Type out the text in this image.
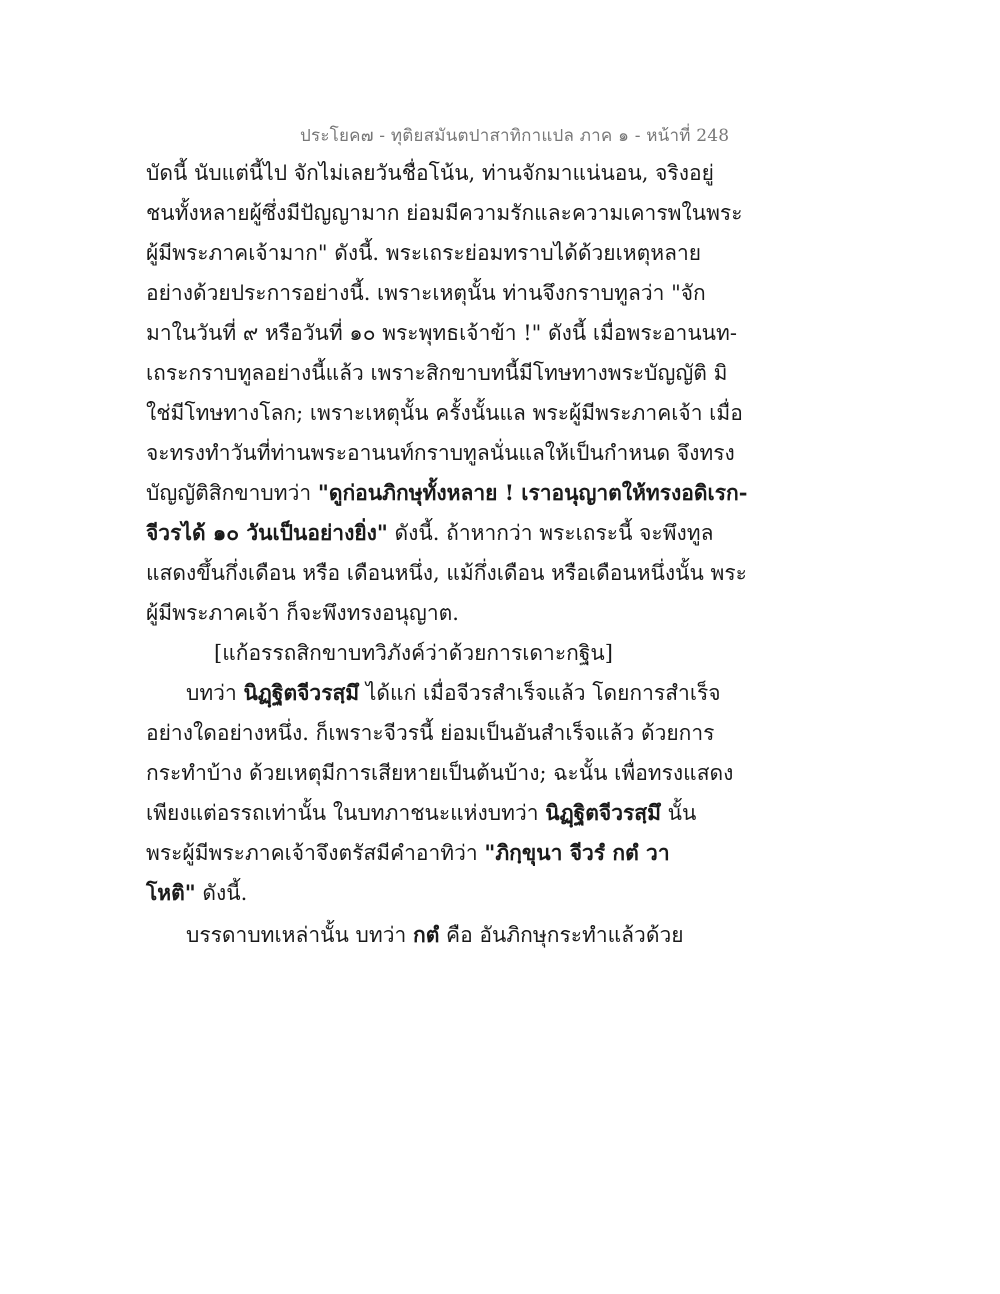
ประโยค๗ - ทุติยสมันตปาสาทิกาแปล ภาค ๑ - หน้าที่ 248
บัดนี้ นับแต่นี้ไป จักไม่เลยวันชื่อโน้น, ท่านจักมาแน่นอน, จริงอยู่
ชนทั้งหลายผู้ซึ่งมีปัญญามาก ย่อมมีความรักและความเคารพในพระ
ผู้มีพระภาคเจ้ามาก" ดังนี้. พระเถระย่อมทราบได้ด้วยเหตุหลาย
อย่างด้วยประการอย่างนี้. เพราะเหตุนั้น ท่านจึงกราบทูลว่า "จัก
มาในวันที่ ๙ หรือวันที่ ๑๐ พระพุทธเจ้าข้า !" ดังนี้ เมื่อพระอานนท-
เถระกราบทูลอย่างนี้แล้ว เพราะสิกขาบทนี้มีโทษทางพระบัญญัติ มิ
ใช่มีโทษทางโลก; เพราะเหตุนั้น ครั้งนั้นแล พระผู้มีพระภาคเจ้า เมื่อ
จะทรงทำวันที่ท่านพระอานนท์กราบทูลนั่นแลให้เป็นกำหนด จึงทรง
บัญญัติสิกขาบทว่า "ดูก่อนภิกษุทั้งหลาย ! เราอนุญาตให้ทรงอดิเรก-
จีวรได้ ๑๐ วันเป็นอย่างยิ่ง" ดังนี้. ถ้าหากว่า พระเถระนี้ จะพึงทูล
แสดงขึ้นกึ่งเดือน หรือ เดือนหนึ่ง, แม้กึ่งเดือน หรือเดือนหนึ่งนั้น พระ
ผู้มีพระภาคเจ้า ก็จะพึงทรงอนุญาต.
[แก้อรรถสิกขาบทวิภังค์ว่าด้วยการเดาะกฐิน]
บทว่า นิฏฺฐิตจีวรสฺมึ ได้แก่ เมื่อจีวรสำเร็จแล้ว โดยการสำเร็จ
อย่างใดอย่างหนึ่ง. ก็เพราะจีวรนี้ ย่อมเป็นอันสำเร็จแล้ว ด้วยการ
กระทำบ้าง ด้วยเหตุมีการเสียหายเป็นต้นบ้าง; ฉะนั้น เพื่อทรงแสดง
เพียงแต่อรรถเท่านั้น ในบทภาชนะแห่งบทว่า นิฏฺฐิตจีวรสฺมึ นั้น
พระผู้มีพระภาคเจ้าจึงตรัสมีคำอาทิว่า "ภิกฺขุนา จีวรํ กตํ วา
โหติ" ดังนี้.
บรรดาบทเหล่านั้น บทว่า กตํ คือ อันภิกษุกระทำแล้วด้วย
